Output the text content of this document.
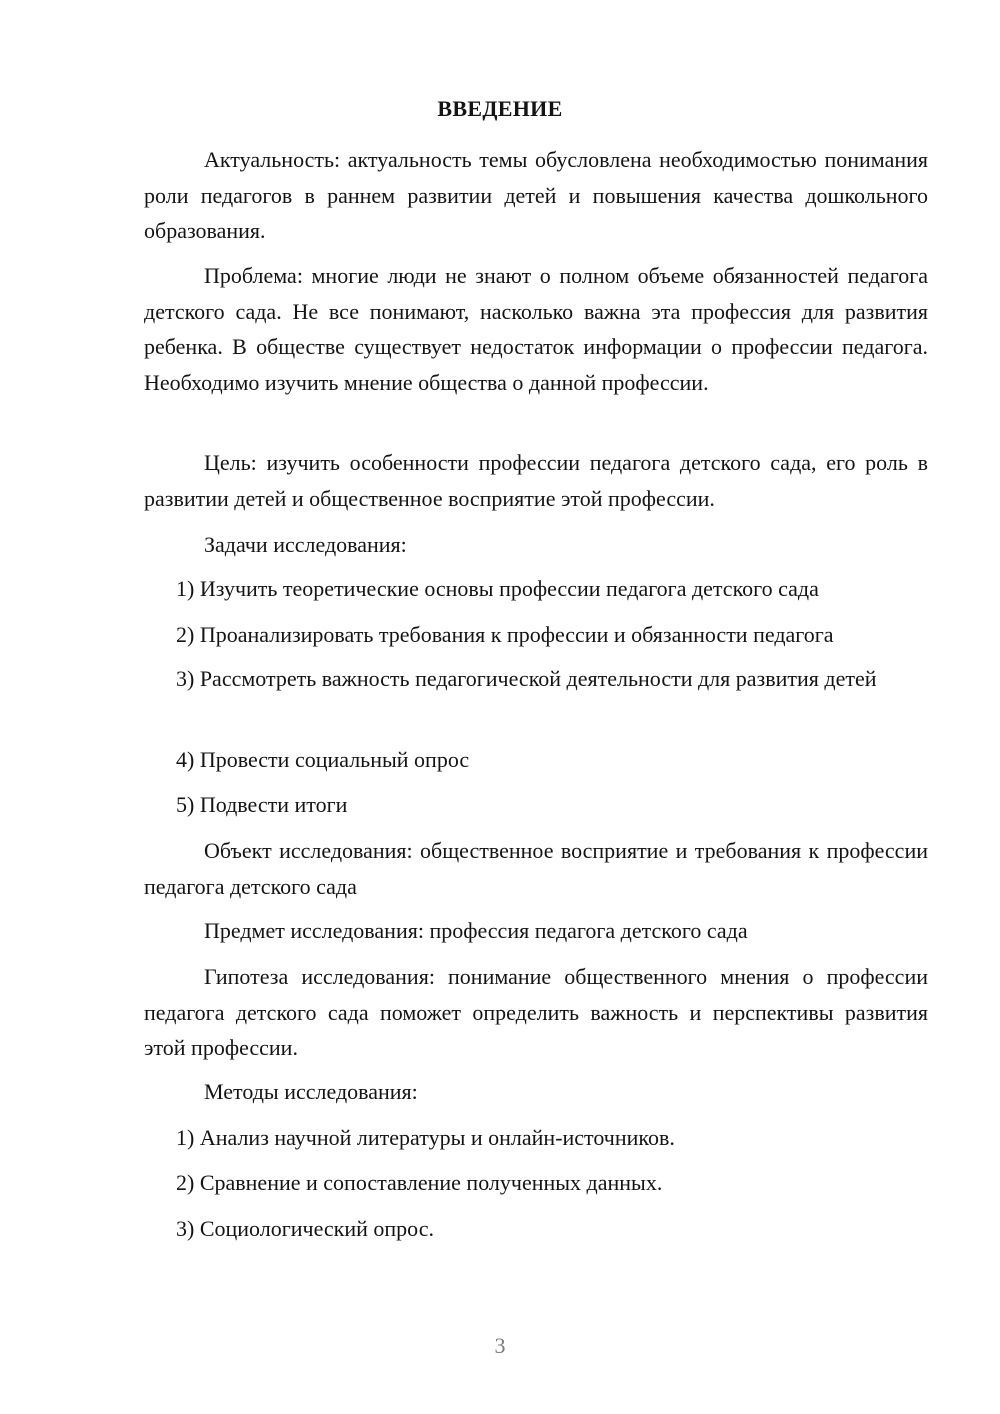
ВВЕДЕНИЕ

Актуальность: актуальность темы обусловлена необходимостью понимания роли педагогов в раннем развитии детей и повышения качества дошкольного образования.

Проблема: многие люди не знают о полном объеме обязанностей педагога детского сада. Не все понимают, насколько важна эта профессия для развития ребенка. В обществе существует недостаток информации о профессии педагога. Необходимо изучить мнение общества о данной профессии.

Цель: изучить особенности профессии педагога детского сада, его роль в развитии детей и общественное восприятие этой профессии.

Задачи исследования:

1) Изучить теоретические основы профессии педагога детского сада

2) Проанализировать требования к профессии и обязанности педагога

3) Рассмотреть важность педагогической деятельности для развития детей

4) Провести социальный опрос

5) Подвести итоги

Объект исследования: общественное восприятие и требования к профессии педагога детского сада

Предмет исследования: профессия педагога детского сада

Гипотеза исследования: понимание общественного мнения о профессии педагога детского сада поможет определить важность и перспективы развития этой профессии.

Методы исследования:

1) Анализ научной литературы и онлайн-источников.

2) Сравнение и сопоставление полученных данных.

3) Социологический опрос.

3
